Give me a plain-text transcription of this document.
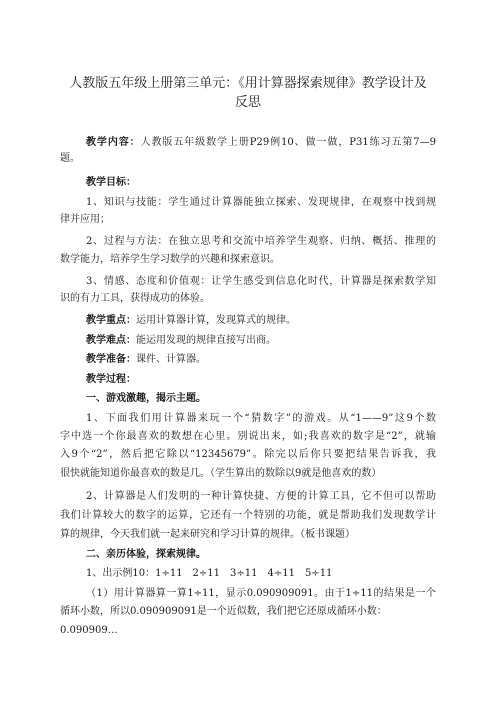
人教版五年级上册第三单元：《用计算器探索规律》教学设计及
反思
教学内容：人教版五年级数学上册P29例10、做一做，P31练习五第7—9
题。
教学目标：
1、知识与技能：学生通过计算器能独立探索、发现规律，在观察中找到规
律并应用；
2、过程与方法：在独立思考和交流中培养学生观察、归纳、概括、推理的
数学能力，培养学生学习数学的兴趣和探索意识。
3、情感、态度和价值观：让学生感受到信息化时代，计算器是探索数学知
识的有力工具，获得成功的体验。
教学重点：运用计算器计算，发现算式的规律。
教学难点：能运用发现的规律直接写出商。
教学准备：课件、计算器。
教学过程：
一、游戏激趣，揭示主题。
1、下面我们用计算器来玩一个“猜数字”的游戏。从“1——9”这9个数
字中选一个你最喜欢的数想在心里。别说出来，如;我喜欢的数字是“2”，就输
入9个“2”，然后把它除以“12345679”。除完以后你只要把结果告诉我，我
很快就能知道你最喜欢的数是几。（学生算出的数除以9就是他喜欢的数）
2、计算器是人们发明的一种计算快捷、方便的计算工具，它不但可以帮助
我们计算较大的数字的运算，它还有一个特别的功能，就是帮助我们发现数学计
算的规律，今天我们就一起来研究和学习计算的规律。（板书课题）
二、亲历体验，探索规律。
1、出示例10：1÷11　2÷11　3÷11　4÷11　5÷11
（1）用计算器算一算1÷11，显示0.090909091。由于1÷11的结果是一个
循环小数，所以0.090909091是一个近似数，我们把它还原成循环小数：
0.090909…
